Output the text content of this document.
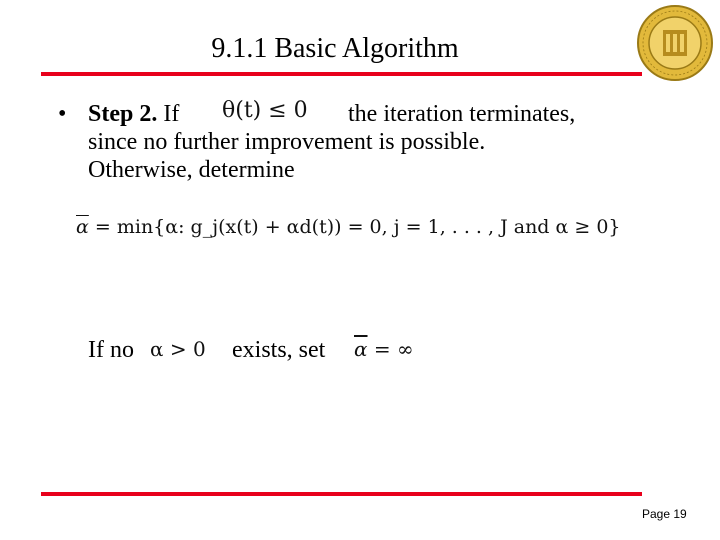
9.1.1 Basic Algorithm
• Step 2. If θ(t) ≤ 0 the iteration terminates,
since no further improvement is possible.
Otherwise, determine
$\overline{\alpha} = \min\{\alpha$: g_j(x(t) + αd(t)) = 0, j = 1, . . . , J and α ≥ 0}
If no α > 0 exists, set $\overline{\alpha}$ = ∞
Page 19
